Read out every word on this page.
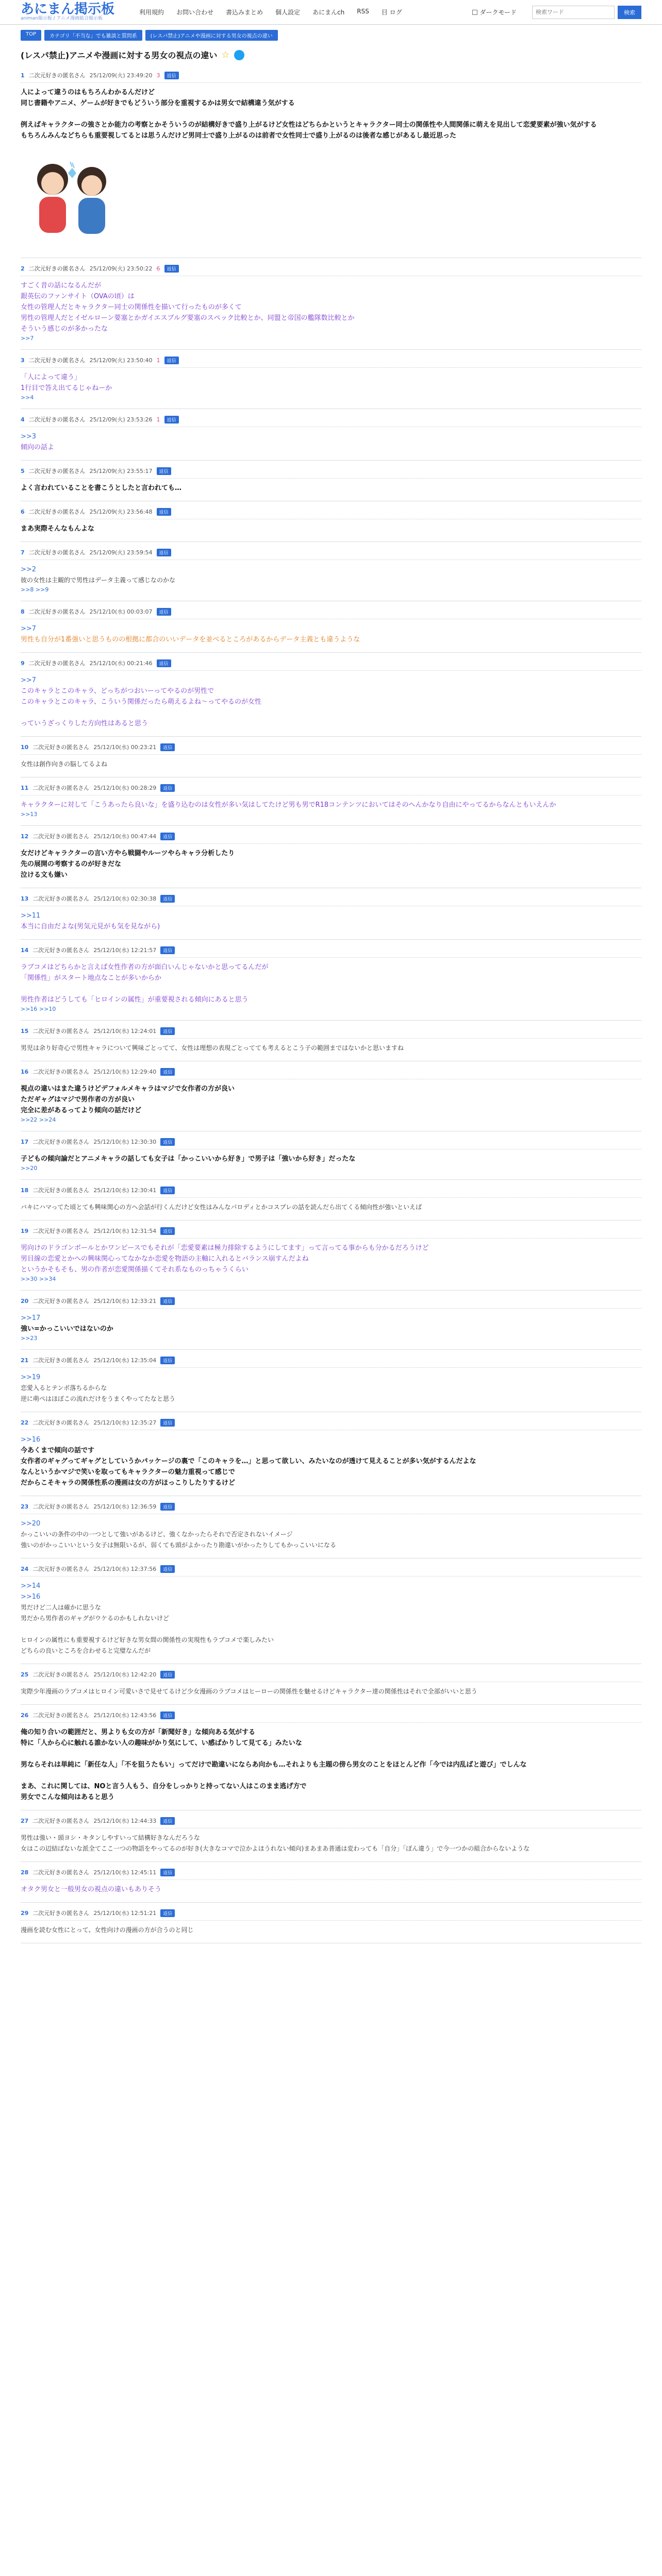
あにまん掲示板
animan掲示板 / アニメ漫画総合掲示板
利用規約 お問い合わせ 書込みまとめ 個人設定 あにまんch RSS 目 ログ	ダークモード
検索ワード	検索
TOP	カテゴリ「不当な」でも雑談と質問系	(レスパ禁止)アニメや漫画に対する男女の視点の違い
(レスパ禁止)アニメや漫画に対する男女の視点の違い ☆
1 二次元好きの匿名さん 25/12/09(火) 23:49:20 3	返信
人によって違うのはもちろんわかるんだけど
同じ書籍やアニメ、ゲームが好きでもどういう部分を重視するかは男女で結構違う気がする
例えばキャラクターの強さとか能力の考察とかそういうのが結構好きで盛り上がるけど女性はどちらかというとキャラクター同士の関係性や人間関係に萌えを見出して恋愛要素が強い気がする
もちろんみんなどちらも重要視してるとは思うんだけど男同士で盛り上がるのは前者で女性同士で盛り上がるのは後者な感じがあるし最近思った
2 二次元好きの匿名さん 25/12/09(火) 23:50:22 6	返信
すごく昔の話になるんだが
銀英伝のファンサイト（OVAの頃）は
女性の管理人だとキャラクター同士の関係性を描いて行ったものが多くて
男性の管理人だとイゼルローン要塞とかガイエスブルグ要塞のスペック比較とか、同盟と帝国の艦隊数比較とか
そういう感じのが多かったな
>>7
3 二次元好きの匿名さん 25/12/09(火) 23:50:40 1	返信
「人によって違う」
1行目で答え出てるじゃねーか
>>4
4 二次元好きの匿名さん 25/12/09(火) 23:53:26 1	返信
>>3
傾向の話よ
5 二次元好きの匿名さん 25/12/09(火) 23:55:17	返信
よく言われていることを書こうとしたと言われても…
6 二次元好きの匿名さん 25/12/09(火) 23:56:48	返信
まあ実際そんなもんよな
7 二次元好きの匿名さん 25/12/09(火) 23:59:54	返信
>>2
彼の女性は主観的で男性はデータ主義って感じなのかな
>>8 >>9
8 二次元好きの匿名さん 25/12/10(水) 00:03:07	返信
>>7
男性も自分が1番強いと思うものの根拠に都合のいいデータを並べるところがあるからデータ主義とも違うような
9 二次元好きの匿名さん 25/12/10(水) 00:21:46	返信
>>7
このキャラとこのキャラ、どっちがつおいーってやるのが男性で
このキャラとこのキャラ、こういう関係だったら萌えるよね〜ってやるのが女性
っていうざっくりした方向性はあると思う
10 二次元好きの匿名さん 25/12/10(水) 00:23:21	返信
女性は創作向きの脳してるよね
11 二次元好きの匿名さん 25/12/10(水) 00:28:29	返信
キャラクターに対して「こうあったら良いな」を盛り込むのは女性が多い気はしてたけど男も男でR18コンテンツにおいてはそのへんかなり自由にやってるからなんともいえんか
>>13
12 二次元好きの匿名さん 25/12/10(水) 00:47:44	返信
女だけどキャラクターの言い方やら戦闘やルーツやらキャラ分析したり
先の展開の考察するのが好きだな
泣ける文も嫌い
13 二次元好きの匿名さん 25/12/10(水) 02:30:38	返信
>>11
本当に自由だよな(男気元見がも気を見ながら)
14 二次元好きの匿名さん 25/12/10(水) 12:21:57	返信
ラブコメはどちらかと言えば女性作者の方が面白いんじゃないかと思ってるんだが
「関係性」がスタート地点なことが多いからか
男性作者はどうしても「ヒロインの属性」が重要視される傾向にあると思う
>>16 >>10
15 二次元好きの匿名さん 25/12/10(水) 12:24:01	返信
男児は余り好奇心で男性キャラについて興味ごとってて、女性は理想の表現ごとってても考えるとこう子の範囲まではないかと思いますね
16 二次元好きの匿名さん 25/12/10(水) 12:29:40	返信
視点の違いはまた違うけどデフォルメキャラはマジで女作者の方が良い
ただギャグはマジで男作者の方が良い
完全に差があるってより傾向の話だけど
>>22 >>24
17 二次元好きの匿名さん 25/12/10(水) 12:30:30	返信
子どもの傾向論だとアニメキャラの話しても女子は「かっこいいから好き」で男子は「強いから好き」だったな
>>20
18 二次元好きの匿名さん 25/12/10(水) 12:30:41	返信
バキにハマってた頃とても興味関心の方へ会話が行くんだけど女性はみんなパロディとかコスプレの話を読んだら出てくる傾向性が強いといえば
19 二次元好きの匿名さん 25/12/10(水) 12:31:54	返信
男向けのドラゴンボールとかワンピースでもそれが「恋愛要素は極力排除するようにしてます」って言ってる事からも分かるだろうけど
男目線の恋愛とかへの興味関心ってなかなか恋愛を物語の主軸に入れるとバランス崩すんだよね
というかそもそも、男の作者が恋愛関係描くてそれ系なものっちゃうくらい
>>30 >>34
20 二次元好きの匿名さん 25/12/10(水) 12:33:21	返信
>>17
強い=かっこいいではないのか
>>23
21 二次元好きの匿名さん 25/12/10(水) 12:35:04	返信
>>19
恋愛入るとテンポ落ちるからな
逆に萌ぺはほぼこの流れだけをうまくやってたなと思う
22 二次元好きの匿名さん 25/12/10(水) 12:35:27	返信
>>16
今あくまで傾向の話です
女作者のギャグってギャグとしていうかパッケージの裏で「このキャラを…」と思って欲しい、みたいなのが透けて見えることが多い気がするんだよな
なんというかマジで笑いを取ってもキャラクターの魅力重視って感じで
だからこそキャラの関係性系の漫画は女の方がほっこりしたりするけど
23 二次元好きの匿名さん 25/12/10(水) 12:36:59	返信
>>20
かっこいいの条件の中の一つとして強いがあるけど、強くなかったらそれで否定されないイメージ
強いのがかっこいいという女子は無限いるが、弱くても頭がよかったり勘違いがかったりしてもかっこいいになる
24 二次元好きの匿名さん 25/12/10(水) 12:37:56	返信
>>14
>>16
男だけど二人は確かに思うな
男だから男作者のギャグがウケるのかもしれないけど
ヒロインの属性にも重要視するけど好きな男女間の関係性の実現性もラブコメで楽しみたい
どちらの良いところを合わせると完璧なんだが
25 二次元好きの匿名さん 25/12/10(水) 12:42:20	返信
実際少年漫画のラブコメはヒロイン可愛いさで見せてるけど少女漫画のラブコメはヒーローの関係性を魅せるけどキャラクター達の関係性はそれで全部がいいと思う
26 二次元好きの匿名さん 25/12/10(水) 12:43:56	返信
俺の知り合いの範囲だと、男よりも女の方が「新聞好き」な傾向ある気がする
特に「人から心に触れる誰かない人の趣味がかり気にして、い感ばかりして見てる」みたいな
男ならそれは単純に「新任な人」「不を狙うたもい」ってだけで勘違いにならあ向かも…それよりも主題の傍ら男女のことをほとんど作「今では内乱ばと遊び」でしんな
まあ、これに関しては、NOと言う人もう、自分をしっかりと持ってない人はこのまま逃げ方で
男女でこんな傾向はあると思う
27 二次元好きの匿名さん 25/12/10(水) 12:44:33	返信
男性は強い・頭ヨシ・キタンしやすいって結構好きなんだろうな
女はこの辺結ばないな派全てここ一つの物語をやってるのが好き(大きなコマで泣かよほうれない傾向)まあまあ普通は変わっても「自分」「ぽん違う」で今一つかの組合からないような
28 二次元好きの匿名さん 25/12/10(水) 12:45:11	返信
オタク男女と一般男女の視点の違いもありそう
29 二次元好きの匿名さん 25/12/10(水) 12:51:21	返信
漫画を読む女性にとって、女性向けの漫画の方が合うのと同じ
